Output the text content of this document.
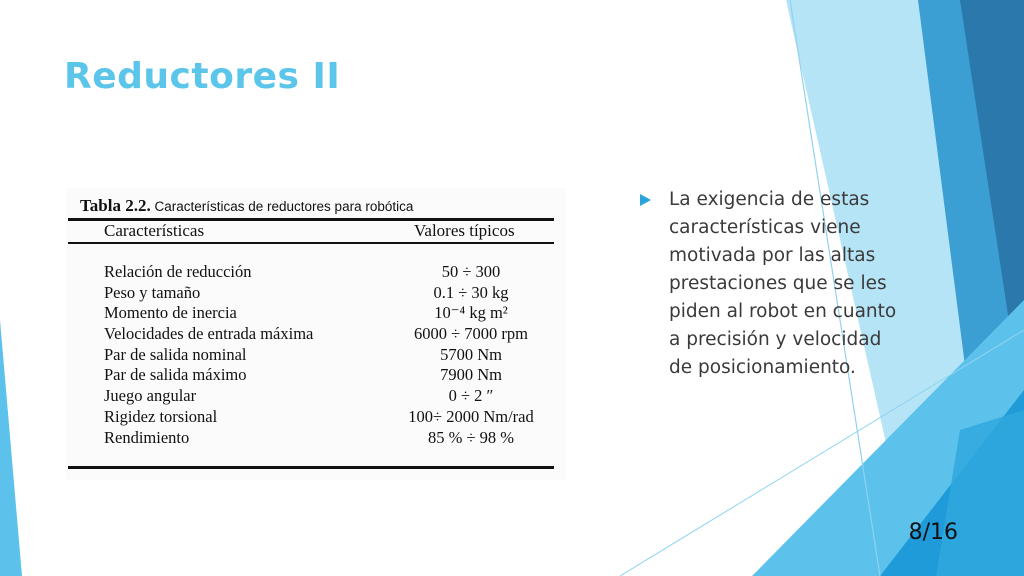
Reductores II
Tabla 2.2. Características de reductores para robótica
Características	Valores típicos
Relación de reducción	50 ÷ 300
Peso y tamaño	0.1 ÷ 30 kg
Momento de inercia	10⁻⁴ kg m²
Velocidades de entrada máxima	6000 ÷ 7000 rpm
Par de salida nominal	5700 Nm
Par de salida máximo	7900 Nm
Juego angular	0 ÷ 2 ″
Rigidez torsional	100÷ 2000 Nm/rad
Rendimiento	85 % ÷ 98 %

La exigencia de estas características viene motivada por las altas prestaciones que se les piden al robot en cuanto a precisión y velocidad de posicionamiento.

8/16
